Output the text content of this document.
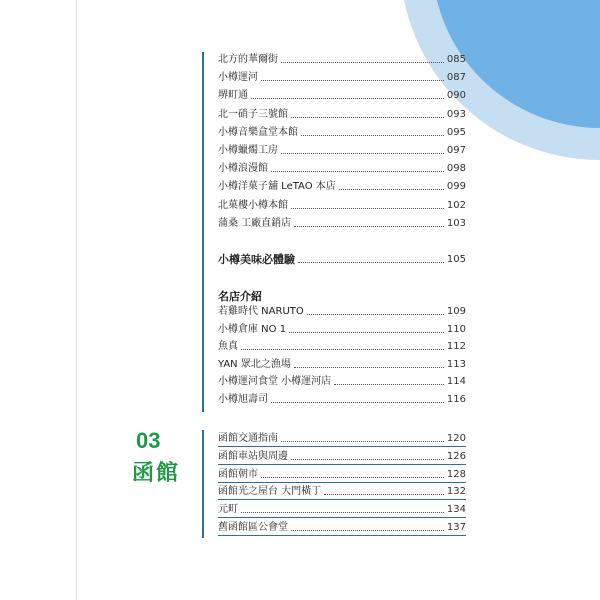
北方的華爾街	085
小樽運河	087
堺町通	090
北一硝子三號館	093
小樽音樂盒堂本館	095
小樽蠟燭工房	097
小樽浪漫館	098
小樽洋菓子舖 LeTAO 本店	099
北菓樓小樽本館	102
蒲桑 工廠直銷店	103
小樽美味必體驗	105
名店介紹
若雞時代 NARUTO	109
小樽倉庫 NO 1	110
魚真	112
YAN 眾北之漁場	113
小樽運河食堂 小樽運河店	114
小樽旭壽司	116
03
函館
函館交通指南	120
函館車站與周邊	126
函館朝市	128
函館光之屋台 大門橫丁	132
元町	134
舊函館區公會堂	137
